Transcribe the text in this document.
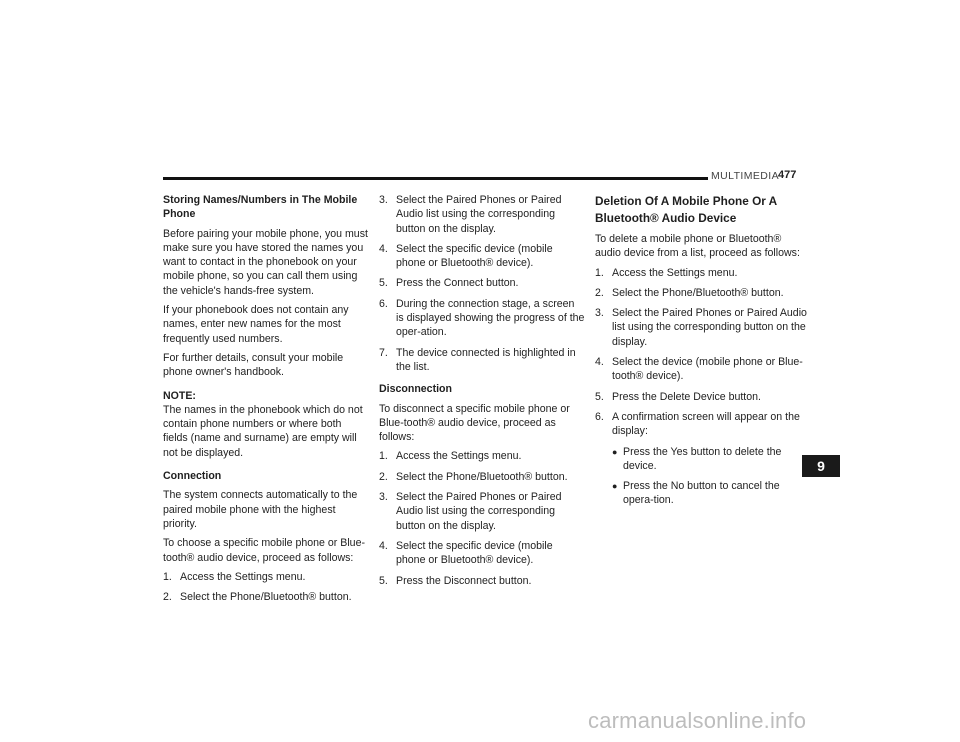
MULTIMEDIA 477
Storing Names/Numbers in The Mobile Phone
Before pairing your mobile phone, you must make sure you have stored the names you want to contact in the phonebook on your mobile phone, so you can call them using the vehicle's hands-free system.
If your phonebook does not contain any names, enter new names for the most frequently used numbers.
For further details, consult your mobile phone owner's handbook.
NOTE:
The names in the phonebook which do not contain phone numbers or where both fields (name and surname) are empty will not be displayed.
Connection
The system connects automatically to the paired mobile phone with the highest priority.
To choose a specific mobile phone or Blue-tooth® audio device, proceed as follows:
1. Access the Settings menu.
2. Select the Phone/Bluetooth® button.
3. Select the Paired Phones or Paired Audio list using the corresponding button on the display.
4. Select the specific device (mobile phone or Bluetooth® device).
5. Press the Connect button.
6. During the connection stage, a screen is displayed showing the progress of the oper-ation.
7. The device connected is highlighted in the list.
Disconnection
To disconnect a specific mobile phone or Blue-tooth® audio device, proceed as follows:
1. Access the Settings menu.
2. Select the Phone/Bluetooth® button.
3. Select the Paired Phones or Paired Audio list using the corresponding button on the display.
4. Select the specific device (mobile phone or Bluetooth® device).
5. Press the Disconnect button.
Deletion Of A Mobile Phone Or A Bluetooth® Audio Device
To delete a mobile phone or Bluetooth® audio device from a list, proceed as follows:
1. Access the Settings menu.
2. Select the Phone/Bluetooth® button.
3. Select the Paired Phones or Paired Audio list using the corresponding button on the display.
4. Select the device (mobile phone or Blue-tooth® device).
5. Press the Delete Device button.
6. A confirmation screen will appear on the display:
● Press the Yes button to delete the device.
● Press the No button to cancel the opera-tion.
9
carmanualsonline.info
